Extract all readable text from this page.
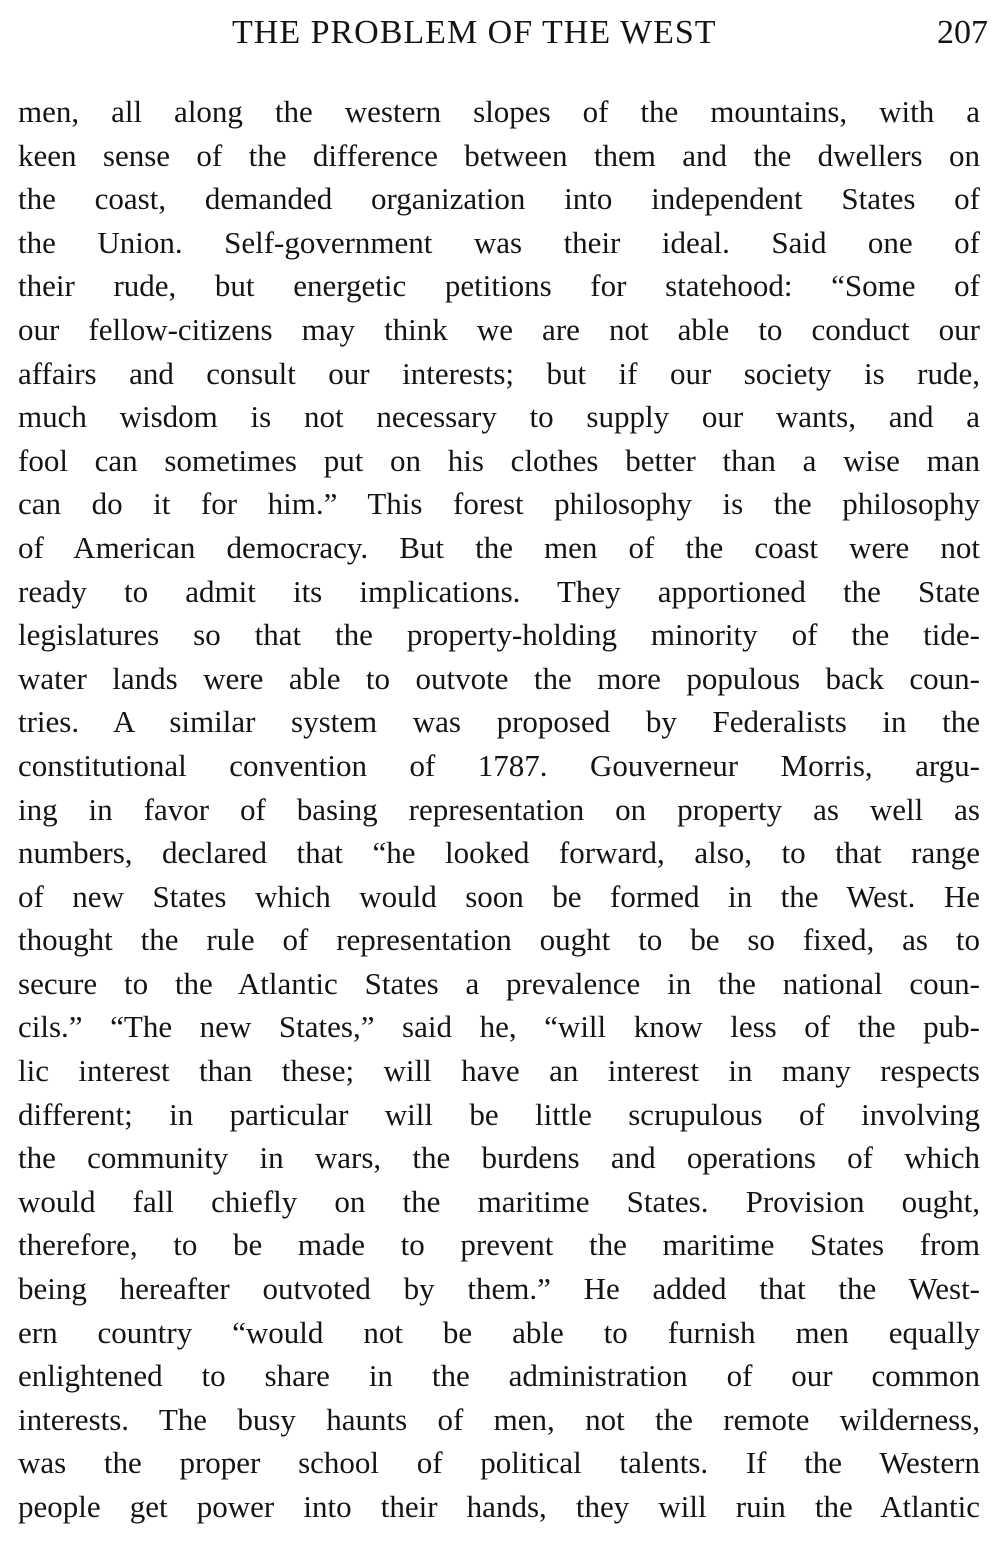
THE PROBLEM OF THE WEST	207
men, all along the western slopes of the mountains, with a
keen sense of the difference between them and the dwellers on
the coast, demanded organization into independent States of
the Union. Self-government was their ideal. Said one of
their rude, but energetic petitions for statehood: “Some of
our fellow-citizens may think we are not able to conduct our
affairs and consult our interests; but if our society is rude,
much wisdom is not necessary to supply our wants, and a
fool can sometimes put on his clothes better than a wise man
can do it for him.” This forest philosophy is the philosophy
of American democracy. But the men of the coast were not
ready to admit its implications. They apportioned the State
legislatures so that the property-holding minority of the tide-
water lands were able to outvote the more populous back coun-
tries. A similar system was proposed by Federalists in the
constitutional convention of 1787. Gouverneur Morris, argu-
ing in favor of basing representation on property as well as
numbers, declared that “he looked forward, also, to that range
of new States which would soon be formed in the West. He
thought the rule of representation ought to be so fixed, as to
secure to the Atlantic States a prevalence in the national coun-
cils.” “The new States,” said he, “will know less of the pub-
lic interest than these; will have an interest in many respects
different; in particular will be little scrupulous of involving
the community in wars, the burdens and operations of which
would fall chiefly on the maritime States. Provision ought,
therefore, to be made to prevent the maritime States from
being hereafter outvoted by them.” He added that the West-
ern country “would not be able to furnish men equally
enlightened to share in the administration of our common
interests. The busy haunts of men, not the remote wilderness,
was the proper school of political talents. If the Western
people get power into their hands, they will ruin the Atlantic
